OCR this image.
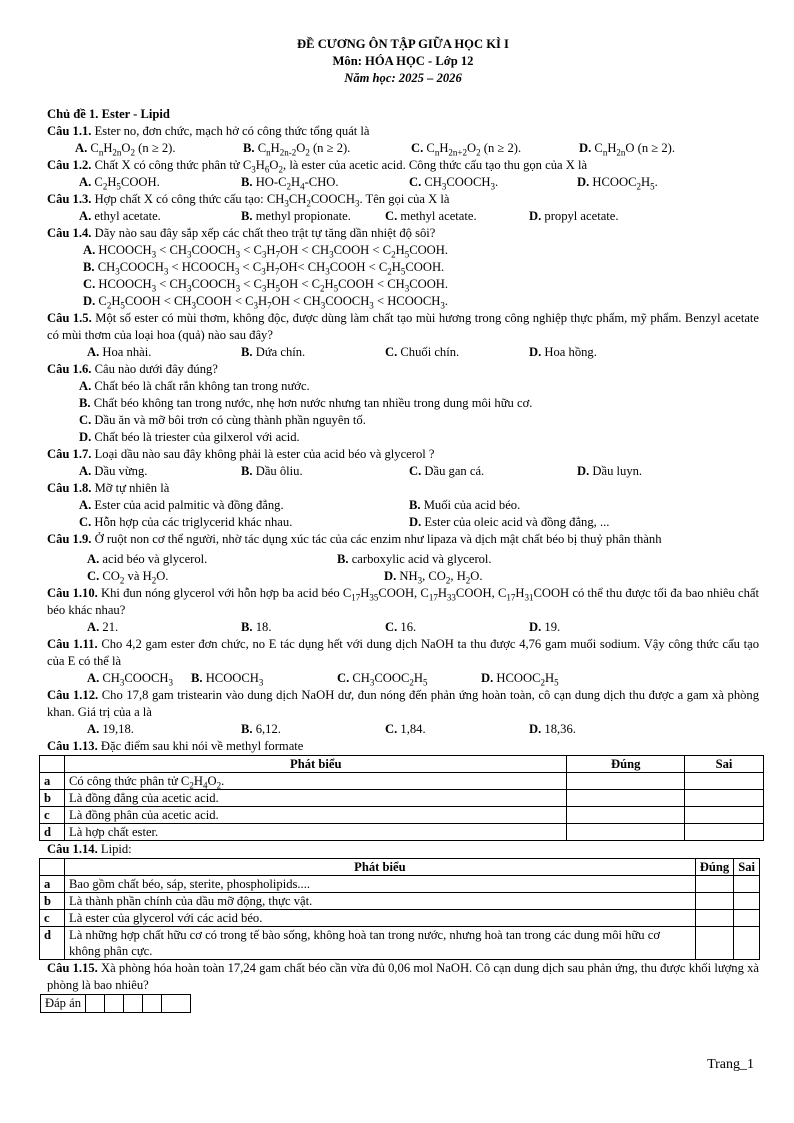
ĐỀ CƯƠNG ÔN TẬP GIỮA HỌC KÌ I
Môn: HÓA HỌC - Lớp 12
Năm học: 2025 – 2026
Chủ đề 1. Ester - Lipid
Câu 1.1. Ester no, đơn chức, mạch hở có công thức tổng quát là
A. $C_nH_{2n}O_2$ (n ≥ 2).	B. $C_nH_{2n-2}O_2$ (n ≥ 2).	C. $C_nH_{2n+2}O_2$ (n ≥ 2).	D. $C_nH_{2n}O$ (n ≥ 2).
Câu 1.2. Chất X có công thức phân tử $C_3H_6O_2$, là ester của acetic acid. Công thức cấu tạo thu gọn của X là
A. $C_2H_5COOH$.	B. $HO-C_2H_4$-CHO.	C. $CH_3COOCH_3$.	D. $HCOOC_2H_5$.
Câu 1.3. Hợp chất X có công thức cấu tạo: $CH_3CH_2COOCH_3$. Tên gọi của X là
A. ethyl acetate.	B. methyl propionate.	C. methyl acetate.	D. propyl acetate.
Câu 1.4. Dãy nào sau đây sắp xếp các chất theo trật tự tăng dần nhiệt độ sôi?
A. $HCOOCH_3$ < $CH_3COOCH_3 < C_3H_7OH$ < $CH_3COOH$ < $C_2H_5COOH$.
B. $CH_3COOCH_3$ < $HCOOCH_3 < C_3H_7OH<$ $CH_3COOH$ < $C_2H_5COOH$.
C. $HCOOCH_3$ < $CH_3COOCH_3 < C_3H_5OH$ < $C_2H_5COOH$ < $CH_3COOH$.
D. $C_2H_5COOH$ < $CH_3COOH < C_3H_7OH$ < $CH_3COOCH_3$ < $HCOOCH_3$.
Câu 1.5. Một số ester có mùi thơm, không độc, được dùng làm chất tạo mùi hương trong công nghiệp thực phẩm, mỹ phẩm. Benzyl acetate có mùi thơm của loại hoa (quả) nào sau đây?
A. Hoa nhài.	B. Dứa chín.	C. Chuối chín.	D. Hoa hồng.
Câu 1.6. Câu nào dưới đây đúng?
A. Chất béo là chất rắn không tan trong nước.
B. Chất béo không tan trong nước, nhẹ hơn nước nhưng tan nhiều trong dung môi hữu cơ.
C. Dầu ăn và mỡ bôi trơn có cùng thành phần nguyên tố.
D. Chất béo là triester của gilxerol với acid.
Câu 1.7. Loại dầu nào sau đây không phải là ester của acid béo và glycerol ?
A. Dầu vừng.	B. Dầu ôliu.	C. Dầu gan cá.	D. Dầu luyn.
Câu 1.8. Mỡ tự nhiên là
A. Ester của acid palmitic và đồng đẳng.	B. Muối của acid béo.
C. Hỗn hợp của các triglycerid khác nhau.	D. Ester của oleic acid và đồng đẳng, ...
Câu 1.9. Ở ruột non cơ thể người, nhờ tác dụng xúc tác của các enzim như lipaza và dịch mật chất béo bị thuỷ phân thành
A. acid béo và glycerol.	B. carboxylic acid và glycerol.
C. $CO_2$ và $H_2O$.	D. $NH_3$, $CO_2$, $H_2O$.
Câu 1.10. Khi đun nóng glycerol với hỗn hợp ba acid béo $C_{17}H_{35}COOH$, $C_{17}H_{33}COOH$, $C_{17}H_{31}COOH$ có thể thu được tối đa bao nhiêu chất béo khác nhau?
A. 21.	B. 18.	C. 16.	D. 19.
Câu 1.11. Cho 4,2 gam ester đơn chức, no E tác dụng hết với dung dịch NaOH ta thu được 4,76 gam muối sodium. Vậy công thức cấu tạo của E có thể là
A. $CH_3COOCH_3$	B. $HCOOCH_3$	C. $CH_3COOC_2H_5$	D. $HCOOC_2H_5$
Câu 1.12. Cho 17,8 gam tristearin vào dung dịch NaOH dư, đun nóng đến phản ứng hoàn toàn, cô cạn dung dịch thu được a gam xà phòng khan. Giá trị của a là
A. 19,18.	B. 6,12.	C. 1,84.	D. 18,36.
Câu 1.13. Đặc điểm sau khi nói về methyl formate
	Phát biểu	Đúng	Sai
a	Có công thức phân tử $C_2H_4O_2$.		
b	Là đồng đẳng của acetic acid.		
c	Là đồng phân của acetic acid.		
d	Là hợp chất ester.		
Câu 1.14. Lipid:
	Phát biểu	Đúng	Sai
a	Bao gồm chất béo, sáp, sterite, phospholipids....		
b	Là thành phần chính của dầu mỡ động, thực vật.		
c	Là ester của glycerol với các acid béo.		
d	Là những hợp chất hữu cơ có trong tế bào sống, không hoà tan trong nước, nhưng hoà tan trong các dung môi hữu cơ không phân cực.		
Câu 1.15. Xà phòng hóa hoàn toàn 17,24 gam chất béo cần vừa đủ 0,06 mol NaOH. Cô cạn dung dịch sau phản ứng, thu được khối lượng xà phòng là bao nhiêu?
Đáp án					
Trang_1
